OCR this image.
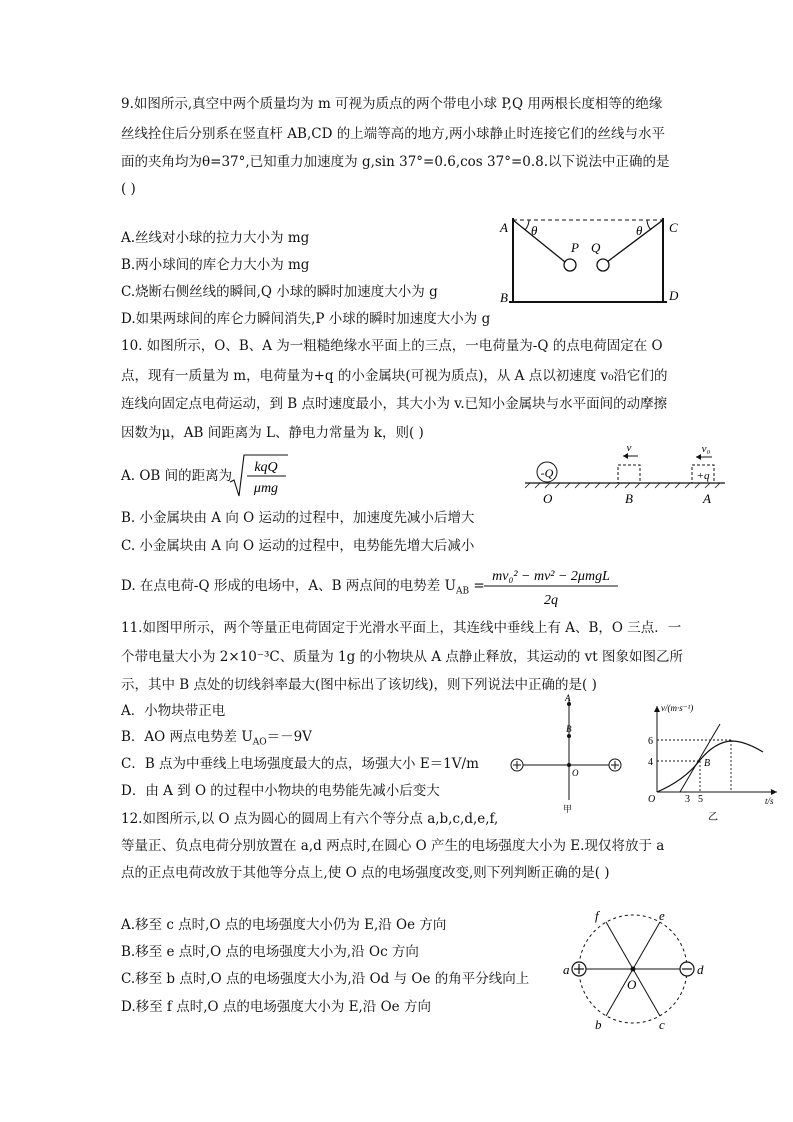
9.如图所示,真空中两个质量均为 m 可视为质点的两个带电小球 P,Q 用两根长度相等的绝缘
丝线拴住后分别系在竖直杆 AB,CD 的上端等高的地方,两小球静止时连接它们的丝线与水平
面的夹角均为θ=37°,已知重力加速度为 g,sin 37°=0.6,cos 37°=0.8.以下说法中正确的是
( )
A.丝线对小球的拉力大小为 mg
B.两小球间的库仑力大小为 mg
C.烧断右侧丝线的瞬间,Q 小球的瞬时加速度大小为 g
D.如果两球间的库仑力瞬间消失,P 小球的瞬时加速度大小为 g
A
B
C
D
θ	θ
P Q
10. 如图所示，O、B、A 为一粗糙绝缘水平面上的三点，一电荷量为-Q 的点电荷固定在 O
点，现有一质量为 m，电荷量为+q 的小金属块(可视为质点)，从 A 点以初速度 v₀沿它们的
连线向固定点电荷运动，到 B 点时速度最小，其大小为 v.已知小金属块与水平面间的动摩擦
因数为μ，AB 间距离为 L、静电力常量为 k，则( )
A. OB 间的距离为
kqQ
μmg
B. 小金属块由 A 向 O 运动的过程中，加速度先减小后增大
C. 小金属块由 A 向 O 运动的过程中，电势能先增大后减小
D. 在点电荷-Q 形成的电场中，A、B 两点间的电势差 $U_{AB}$ =
mv₀² − mv² − 2μmgL
2q
-Q
v
+q
v₀
O	B	A
11.如图甲所示，两个等量正电荷固定于光滑水平面上，其连线中垂线上有 A、B，O 三点．一
个带电量大小为 2×10⁻³C、质量为 1g 的小物块从 A 点静止释放，其运动的 vt 图象如图乙所
示，其中 B 点处的切线斜率最大(图中标出了该切线)，则下列说法中正确的是( )
A．小物块带正电
B．AO 两点电势差 $U_{AO}=-9V$
C．B 点为中垂线上电场强度最大的点，场强大小 E＝1V/m
D．由 A 到 O 的过程中小物块的电势能先减小后变大
A
B
O
甲
v/(m·s⁻¹)
t/s
O	3 5
4
6
B
乙
12.如图所示,以 O 点为圆心的圆周上有六个等分点 a,b,c,d,e,f,
等量正、负点电荷分别放置在 a,d 两点时,在圆心 O 产生的电场强度大小为 E.现仅将放于 a
点的正点电荷改放于其他等分点上,使 O 点的电场强度改变,则下列判断正确的是( )
A.移至 c 点时,O 点的电场强度大小仍为 E,沿 Oe 方向
B.移至 e 点时,O 点的电场强度大小为,沿 Oc 方向
C.移至 b 点时,O 点的电场强度大小为,沿 Od 与 Oe 的角平分线向上
D.移至 f 点时,O 点的电场强度大小为 E,沿 Oe 方向
a	d
f	e
b	c
O
